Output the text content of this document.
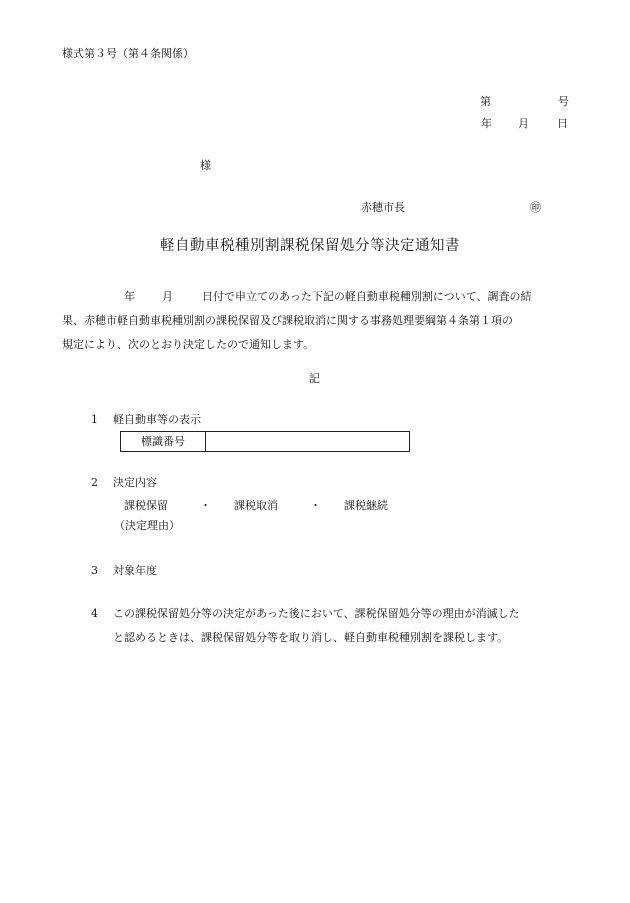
様式第３号（第４条関係）
第	号
年 月	日
様
赤穂市長	㊞
軽自動車税種別割課税保留処分等決定通知書
年 月	日付で申立てのあった下記の軽自動車税種別割について、調査の結
果、赤穂市軽自動車税種別割の課税保留及び課税取消に関する事務処理要綱第４条第１項の
規定により、次のとおり決定したので通知します。
記
1 軽自動車等の表示
標識番号	
2 決定内容
課税保留	・ 課税取消	・ 課税継続
（決定理由）
3 対象年度
4 この課税保留処分等の決定があった後において、課税保留処分等の理由が消滅した
と認めるときは、課税保留処分等を取り消し、軽自動車税種別割を課税します。
